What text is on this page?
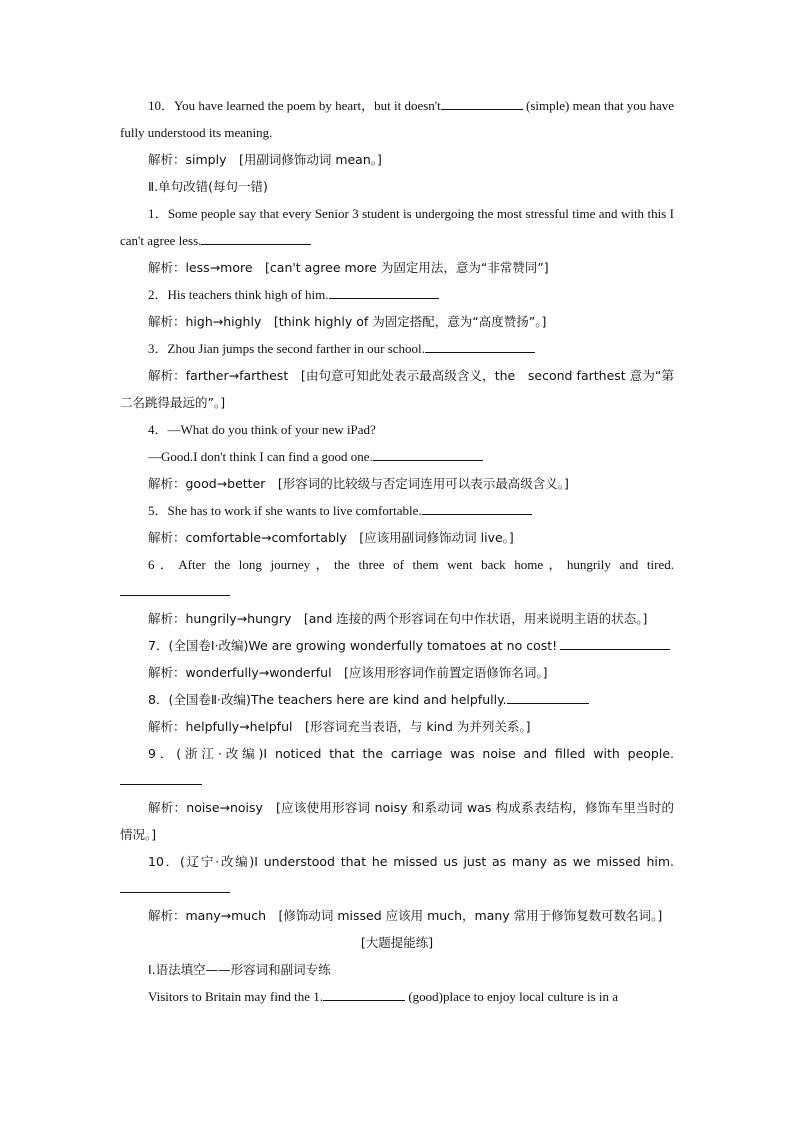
10．You have learned the poem by heart，but it doesn't	(simple) mean that you have fully understood its meaning.

解析：simply　[用副词修饰动词 mean。]

Ⅱ.单句改错(每句一错)

1．Some people say that every Senior 3 student is undergoing the most stressful time and with this I can't agree less.

解析：less→more　[can't agree more 为固定用法，意为“非常赞同”]

2．His teachers think high of him.

解析：high→highly　[think highly of 为固定搭配，意为“高度赞扬”。]

3．Zhou Jian jumps the second farther in our school.

解析：farther→farthest　[由句意可知此处表示最高级含义，the　second farthest 意为“第二名跳得最远的”。]

4．—What do you think of your new iPad?

—Good.I don't think I can find a good one.

解析：good→better　[形容词的比较级与否定词连用可以表示最高级含义。]

5．She has to work if she wants to live comfortable.

解析：comfortable→comfortably　[应该用副词修饰动词 live。]

6．After the long journey，the three of them went back home，hungrily and tired.

解析：hungrily→hungry　[and 连接的两个形容词在句中作状语，用来说明主语的状态。]

7．(全国卷Ⅰ·改编)We are growing wonderfully tomatoes at no cost!

解析：wonderfully→wonderful　[应该用形容词作前置定语修饰名词。]

8．(全国卷Ⅱ·改编)The teachers here are kind and helpfully.

解析：helpfully→helpful　[形容词充当表语，与 kind 为并列关系。]

9．(浙江·改编)I noticed that the carriage was noise and filled with people.

解析：noise→noisy　[应该使用形容词 noisy 和系动词 was 构成系表结构，修饰车里当时的情况。]

10．(辽宁·改编)I understood that he missed us just as many as we missed him.

解析：many→much　[修饰动词 missed 应该用 much，many 常用于修饰复数可数名词。]

[大题提能练]

Ⅰ.语法填空——形容词和副词专练

Visitors to Britain may find the 1.	(good)place to enjoy local culture is in a
